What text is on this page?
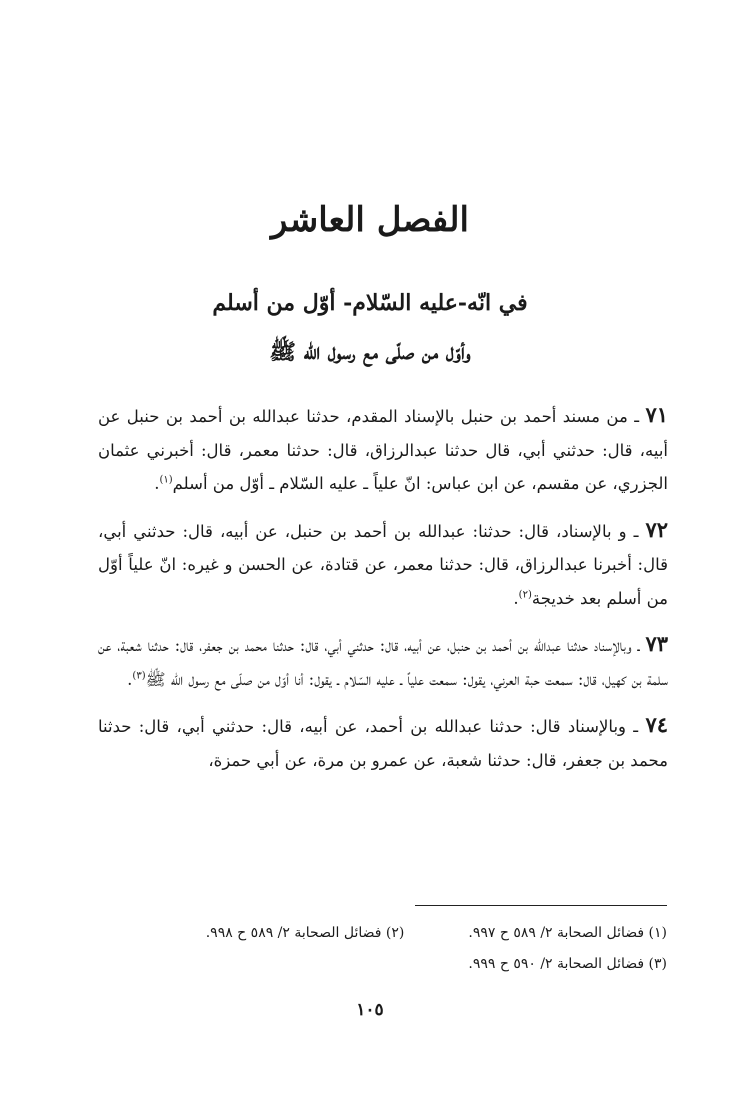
الفصل العاشر
في انّه-عليه السّلام- أوّل من أسلم
وأوّل من صلّى مع رسول الله ﷺ

٧١ ـ من مسند أحمد بن حنبل بالإسناد المقدم، حدثنا عبدالله بن أحمد بن حنبل عن أبيه، قال: حدثني أبي، قال حدثنا عبدالرزاق، قال: حدثنا معمر، قال: أخبرني عثمان الجزري، عن مقسم، عن ابن عباس: انّ علياً ـ عليه السّلام ـ أوّل من أسلم$^{(١)}$.

٧٢ ـ و بالإسناد، قال: حدثنا: عبدالله بن أحمد بن حنبل، عن أبيه، قال: حدثني أبي، قال: أخبرنا عبدالرزاق، قال: حدثنا معمر، عن قتادة، عن الحسن و غيره: انّ علياً أوّل من أسلم بعد خديجة$^{(٢)}$.

٧٣ ـ وبالإسناد حدثنا عبدالله بن أحمد بن حنبل، عن أبيه، قال: حدثني أبي، قال: حدثنا محمد بن جعفر، قال: حدثنا شعبة، عن سلمة بن كهيل، قال: سمعت حبة العرني، يقول: سمعت علياً ـ عليه السّلام ـ يقول: أنا أوّل من صلّى مع رسول الله ﷺ$^{(٣)}$.

٧٤ ـ وبالإسناد قال: حدثنا عبدالله بن أحمد، عن أبيه، قال: حدثني أبي، قال: حدثنا محمد بن جعفر، قال: حدثنا شعبة، عن عمرو بن مرة، عن أبي حمزة،

(١) فضائل الصحابة ٢/ ٥٨٩ ح ٩٩٧.
(٢) فضائل الصحابة ٢/ ٥٨٩ ح ٩٩٨.
(٣) فضائل الصحابة ٢/ ٥٩٠ ح ٩٩٩.
١٠٥
